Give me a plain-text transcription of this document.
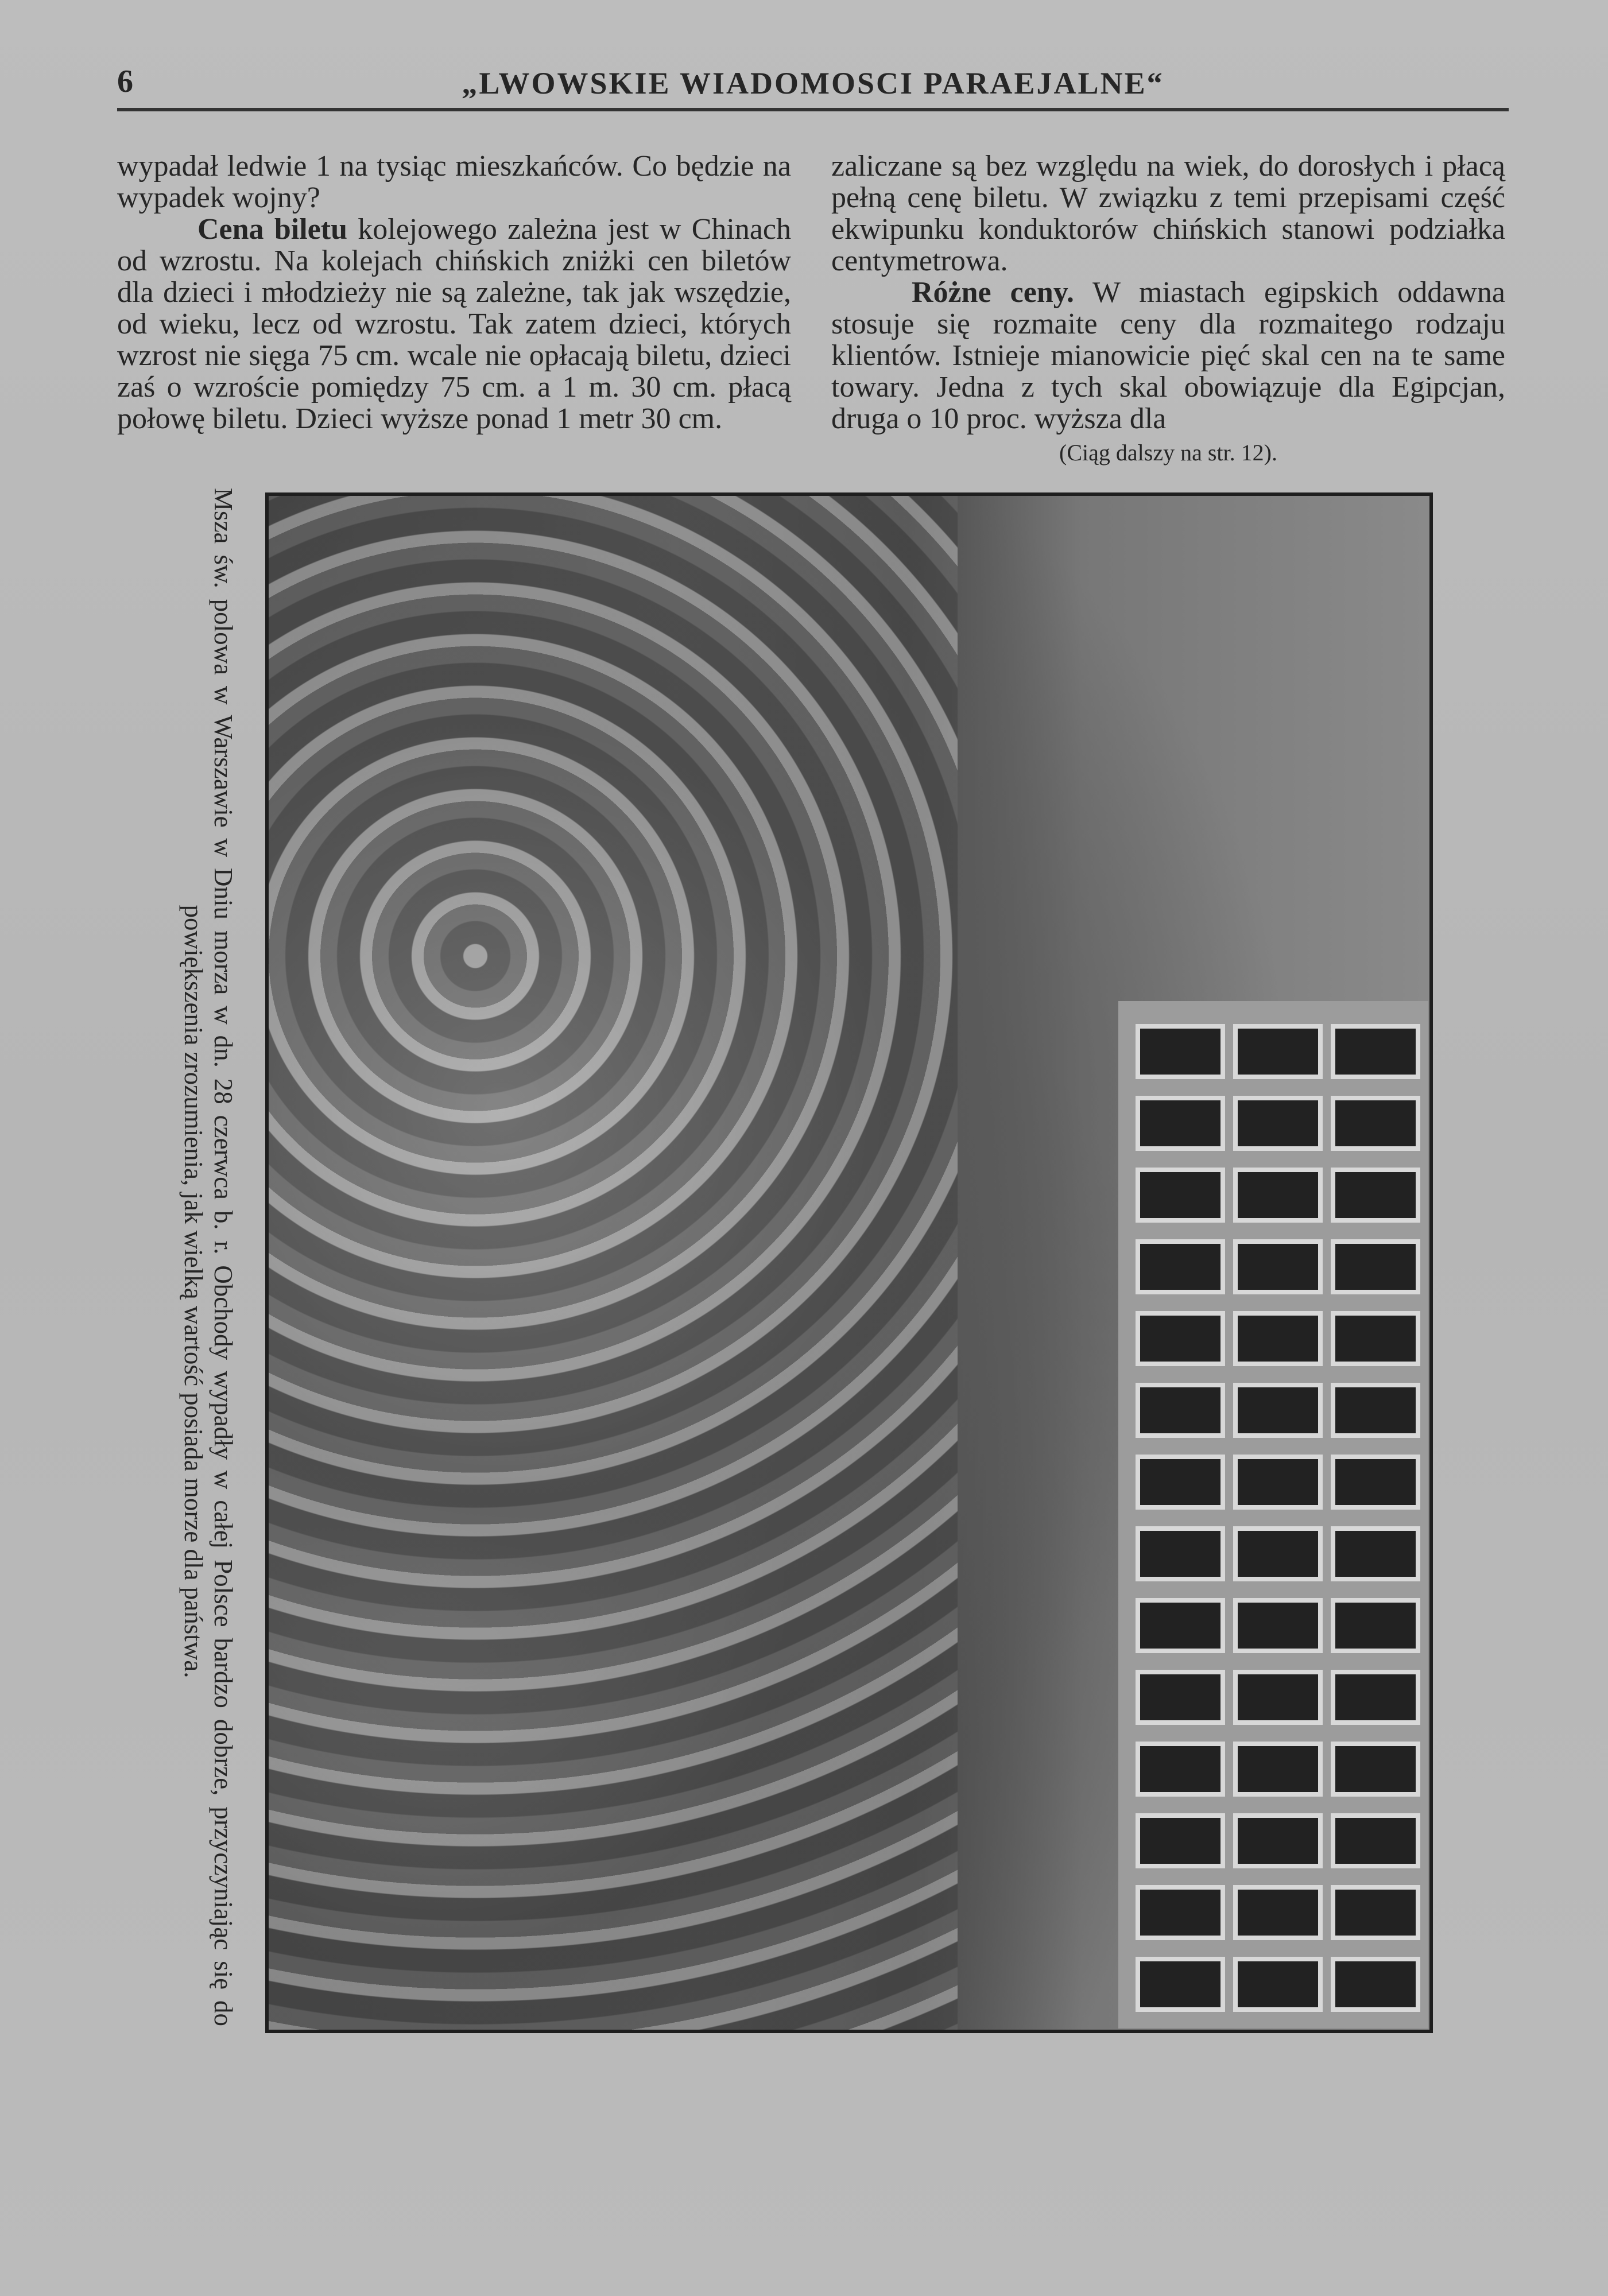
6	„LWOWSKIE WIADOMOSCI PARAEJALNE“

wypadał ledwie 1 na tysiąc mieszkańców. Co będzie na wypadek wojny?

Cena biletu kolejowego zależna jest w Chinach od wzrostu. Na kolejach chińskich zniżki cen biletów dla dzieci i młodzieży nie są zależne, tak jak wszędzie, od wieku, lecz od wzrostu. Tak zatem dzieci, których wzrost nie sięga 75 cm. wcale nie opłacają biletu, dzieci zaś o wzroście pomiędzy 75 cm. a 1 m. 30 cm. płacą połowę biletu. Dzieci wyższe ponad 1 metr 30 cm.

zaliczane są bez względu na wiek, do dorosłych i płacą pełną cenę biletu. W związku z temi przepisami część ekwipunku konduktorów chińskich stanowi podziałka centymetrowa.

Różne ceny. W miastach egipskich oddawna stosuje się rozmaite ceny dla rozmaitego rodzaju klientów. Istnieje mianowicie pięć skal cen na te same towary. Jedna z tych skal obowiązuje dla Egipcjan, druga o 10 proc. wyższa dla

(Ciąg dalszy na str. 12).

Msza św. polowa w Warszawie w Dniu morza w dn. 28 czerwca b. r. Obchody wypadły w całej Polsce bardzo dobrze, przyczyniając się do
powiększenia zrozumienia, jak wielką wartość posiada morze dla państwa.
